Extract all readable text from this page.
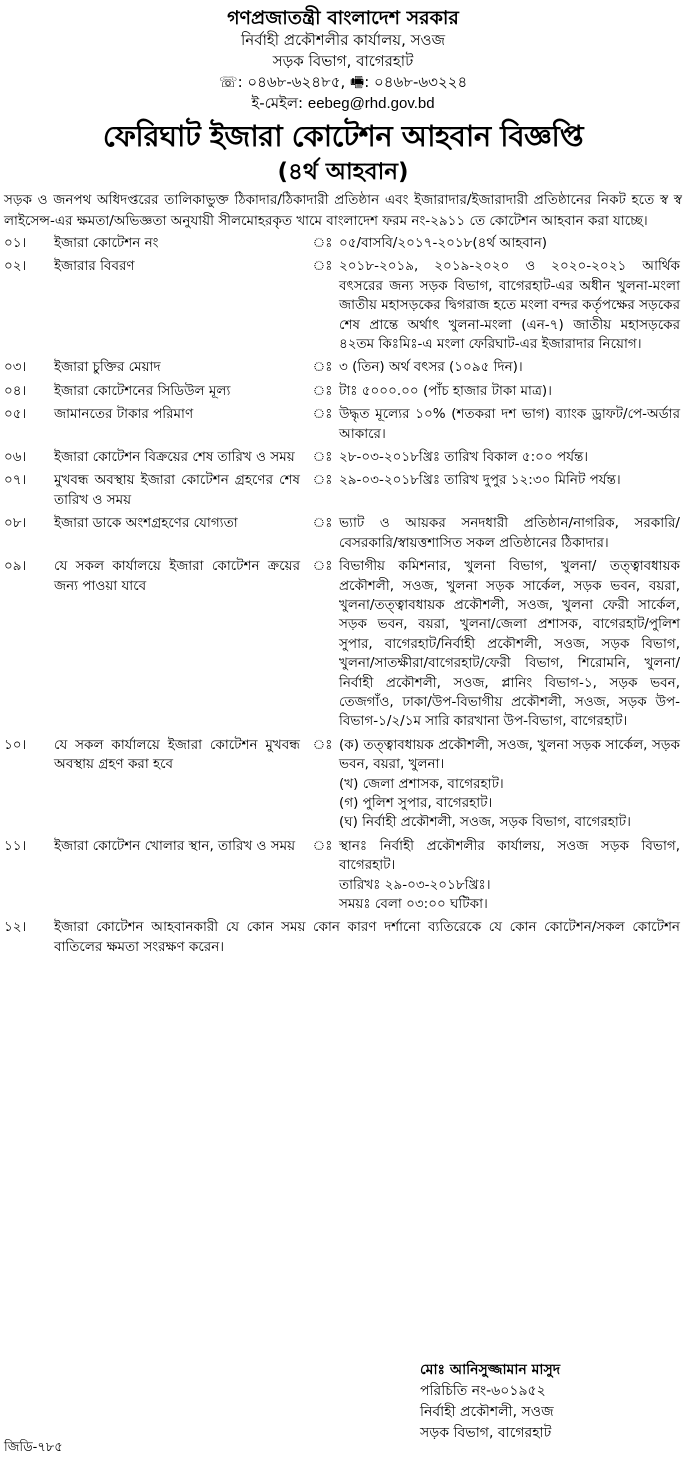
গণপ্রজাতন্ত্রী বাংলাদেশ সরকার
নির্বাহী প্রকৌশলীর কার্যালয়, সওজ
সড়ক বিভাগ, বাগেরহাট
☏: ০৪৬৮-৬২৪৮৫, 🖷: ০৪৬৮-৬৩২২৪
ই-মেইল: eebeg@rhd.gov.bd
ফেরিঘাট ইজারা কোটেশন আহবান বিজ্ঞপ্তি
(৪র্থ আহবান)
সড়ক ও জনপথ অধিদপ্তরের তালিকাভুক্ত ঠিকাদার/ঠিকাদারী প্রতিষ্ঠান এবং ইজারাদার/ইজারাদারী প্রতিষ্ঠানের নিকট হতে স্ব স্ব লাইসেন্স-এর ক্ষমতা/অভিজ্ঞতা অনুযায়ী সীলমোহরকৃত খামে বাংলাদেশ ফরম নং-২৯১১ তে কোটেশন আহবান করা যাচ্ছে।
০১।	ইজারা কোটেশন নং	ঃ	০৫/বাসবি/২০১৭-২০১৮(৪র্থ আহবান)

০২।	ইজারার বিবরণ	ঃ	২০১৮-২০১৯, ২০১৯-২০২০ ও ২০২০-২০২১ আর্থিক বৎসরের জন্য সড়ক বিভাগ, বাগেরহাট-এর অধীন খুলনা-মংলা জাতীয় মহাসড়কের দ্বিগরাজ হতে মংলা বন্দর কর্তৃপক্ষের সড়কের শেষ প্রান্তে অর্থাৎ খুলনা-মংলা (এন-৭) জাতীয় মহাসড়কের ৪২তম কিঃমিঃ-এ মংলা ফেরিঘাট-এর ইজারাদার নিয়োগ।

০৩।	ইজারা চুক্তির মেয়াদ	ঃ	৩ (তিন) অর্থ বৎসর (১০৯৫ দিন)।

০৪।	ইজারা কোটেশনের সিডিউল মূল্য	ঃ	টাঃ ৫০০০.০০ (পাঁচ হাজার টাকা মাত্র)।

০৫।	জামানতের টাকার পরিমাণ	ঃ	উদ্ধৃত মূল্যের ১০% (শতকরা দশ ভাগ) ব্যাংক ড্রাফট/পে-অর্ডার আকারে।

০৬।	ইজারা কোটেশন বিক্রয়ের শেষ তারিখ ও সময়	ঃ	২৮-০৩-২০১৮খ্রিঃ তারিখ বিকাল ৫:০০ পর্যন্ত।

০৭।	মুখবন্ধ অবস্থায় ইজারা কোটেশন গ্রহণের শেষ তারিখ ও সময়	ঃ	২৯-০৩-২০১৮খ্রিঃ তারিখ দুপুর ১২:৩০ মিনিট পর্যন্ত।

০৮।	ইজারা ডাকে অংশগ্রহণের যোগ্যতা	ঃ	ভ্যাট ও আয়কর সনদধারী প্রতিষ্ঠান/নাগরিক, সরকারি/বেসরকারি/স্বায়ত্তশাসিত সকল প্রতিষ্ঠানের ঠিকাদার।

০৯।	যে সকল কার্যালয়ে ইজারা কোটেশন ক্রয়ের জন্য পাওয়া যাবে	ঃ	বিভাগীয় কমিশনার, খুলনা বিভাগ, খুলনা/ তত্ত্বাবধায়ক প্রকৌশলী, সওজ, খুলনা সড়ক সার্কেল, সড়ক ভবন, বয়রা, খুলনা/তত্ত্বাবধায়ক প্রকৌশলী, সওজ, খুলনা ফেরী সার্কেল, সড়ক ভবন, বয়রা, খুলনা/জেলা প্রশাসক, বাগেরহাট/পুলিশ সুপার, বাগেরহাট/নির্বাহী প্রকৌশলী, সওজ, সড়ক বিভাগ, খুলনা/সাতক্ষীরা/বাগেরহাট/ফেরী বিভাগ, শিরোমনি, খুলনা/নির্বাহী প্রকৌশলী, সওজ, প্লানিং বিভাগ-১, সড়ক ভবন, তেজগাঁও, ঢাকা/উপ-বিভাগীয় প্রকৌশলী, সওজ, সড়ক উপ-বিভাগ-১/২/১ম সারি কারখানা উপ-বিভাগ, বাগেরহাট।

১০।	যে সকল কার্যালয়ে ইজারা কোটেশন মুখবন্ধ অবস্থায় গ্রহণ করা হবে	ঃ	(ক) তত্ত্বাবধায়ক প্রকৌশলী, সওজ, খুলনা সড়ক সার্কেল, সড়ক ভবন, বয়রা, খুলনা।
(খ) জেলা প্রশাসক, বাগেরহাট।
(গ) পুলিশ সুপার, বাগেরহাট।
(ঘ) নির্বাহী প্রকৌশলী, সওজ, সড়ক বিভাগ, বাগেরহাট।

১১।	ইজারা কোটেশন খোলার স্থান, তারিখ ও সময়	ঃ	স্থানঃ নির্বাহী প্রকৌশলীর কার্যালয়, সওজ সড়ক বিভাগ, বাগেরহাট।
তারিখঃ ২৯-০৩-২০১৮খ্রিঃ।
সময়ঃ বেলা ০৩:০০ ঘটিকা।

১২।	ইজারা কোটেশন আহবানকারী যে কোন সময় কোন কারণ দর্শানো ব্যতিরেকে যে কোন কোটেশন/সকল কোটেশন বাতিলের ক্ষমতা সংরক্ষণ করেন।		
মোঃ আনিসুজ্জামান মাসুদ
পরিচিতি নং-৬০১৯৫২
নির্বাহী প্রকৌশলী, সওজ
সড়ক বিভাগ, বাগেরহাট
জিডি-৭৮৫
